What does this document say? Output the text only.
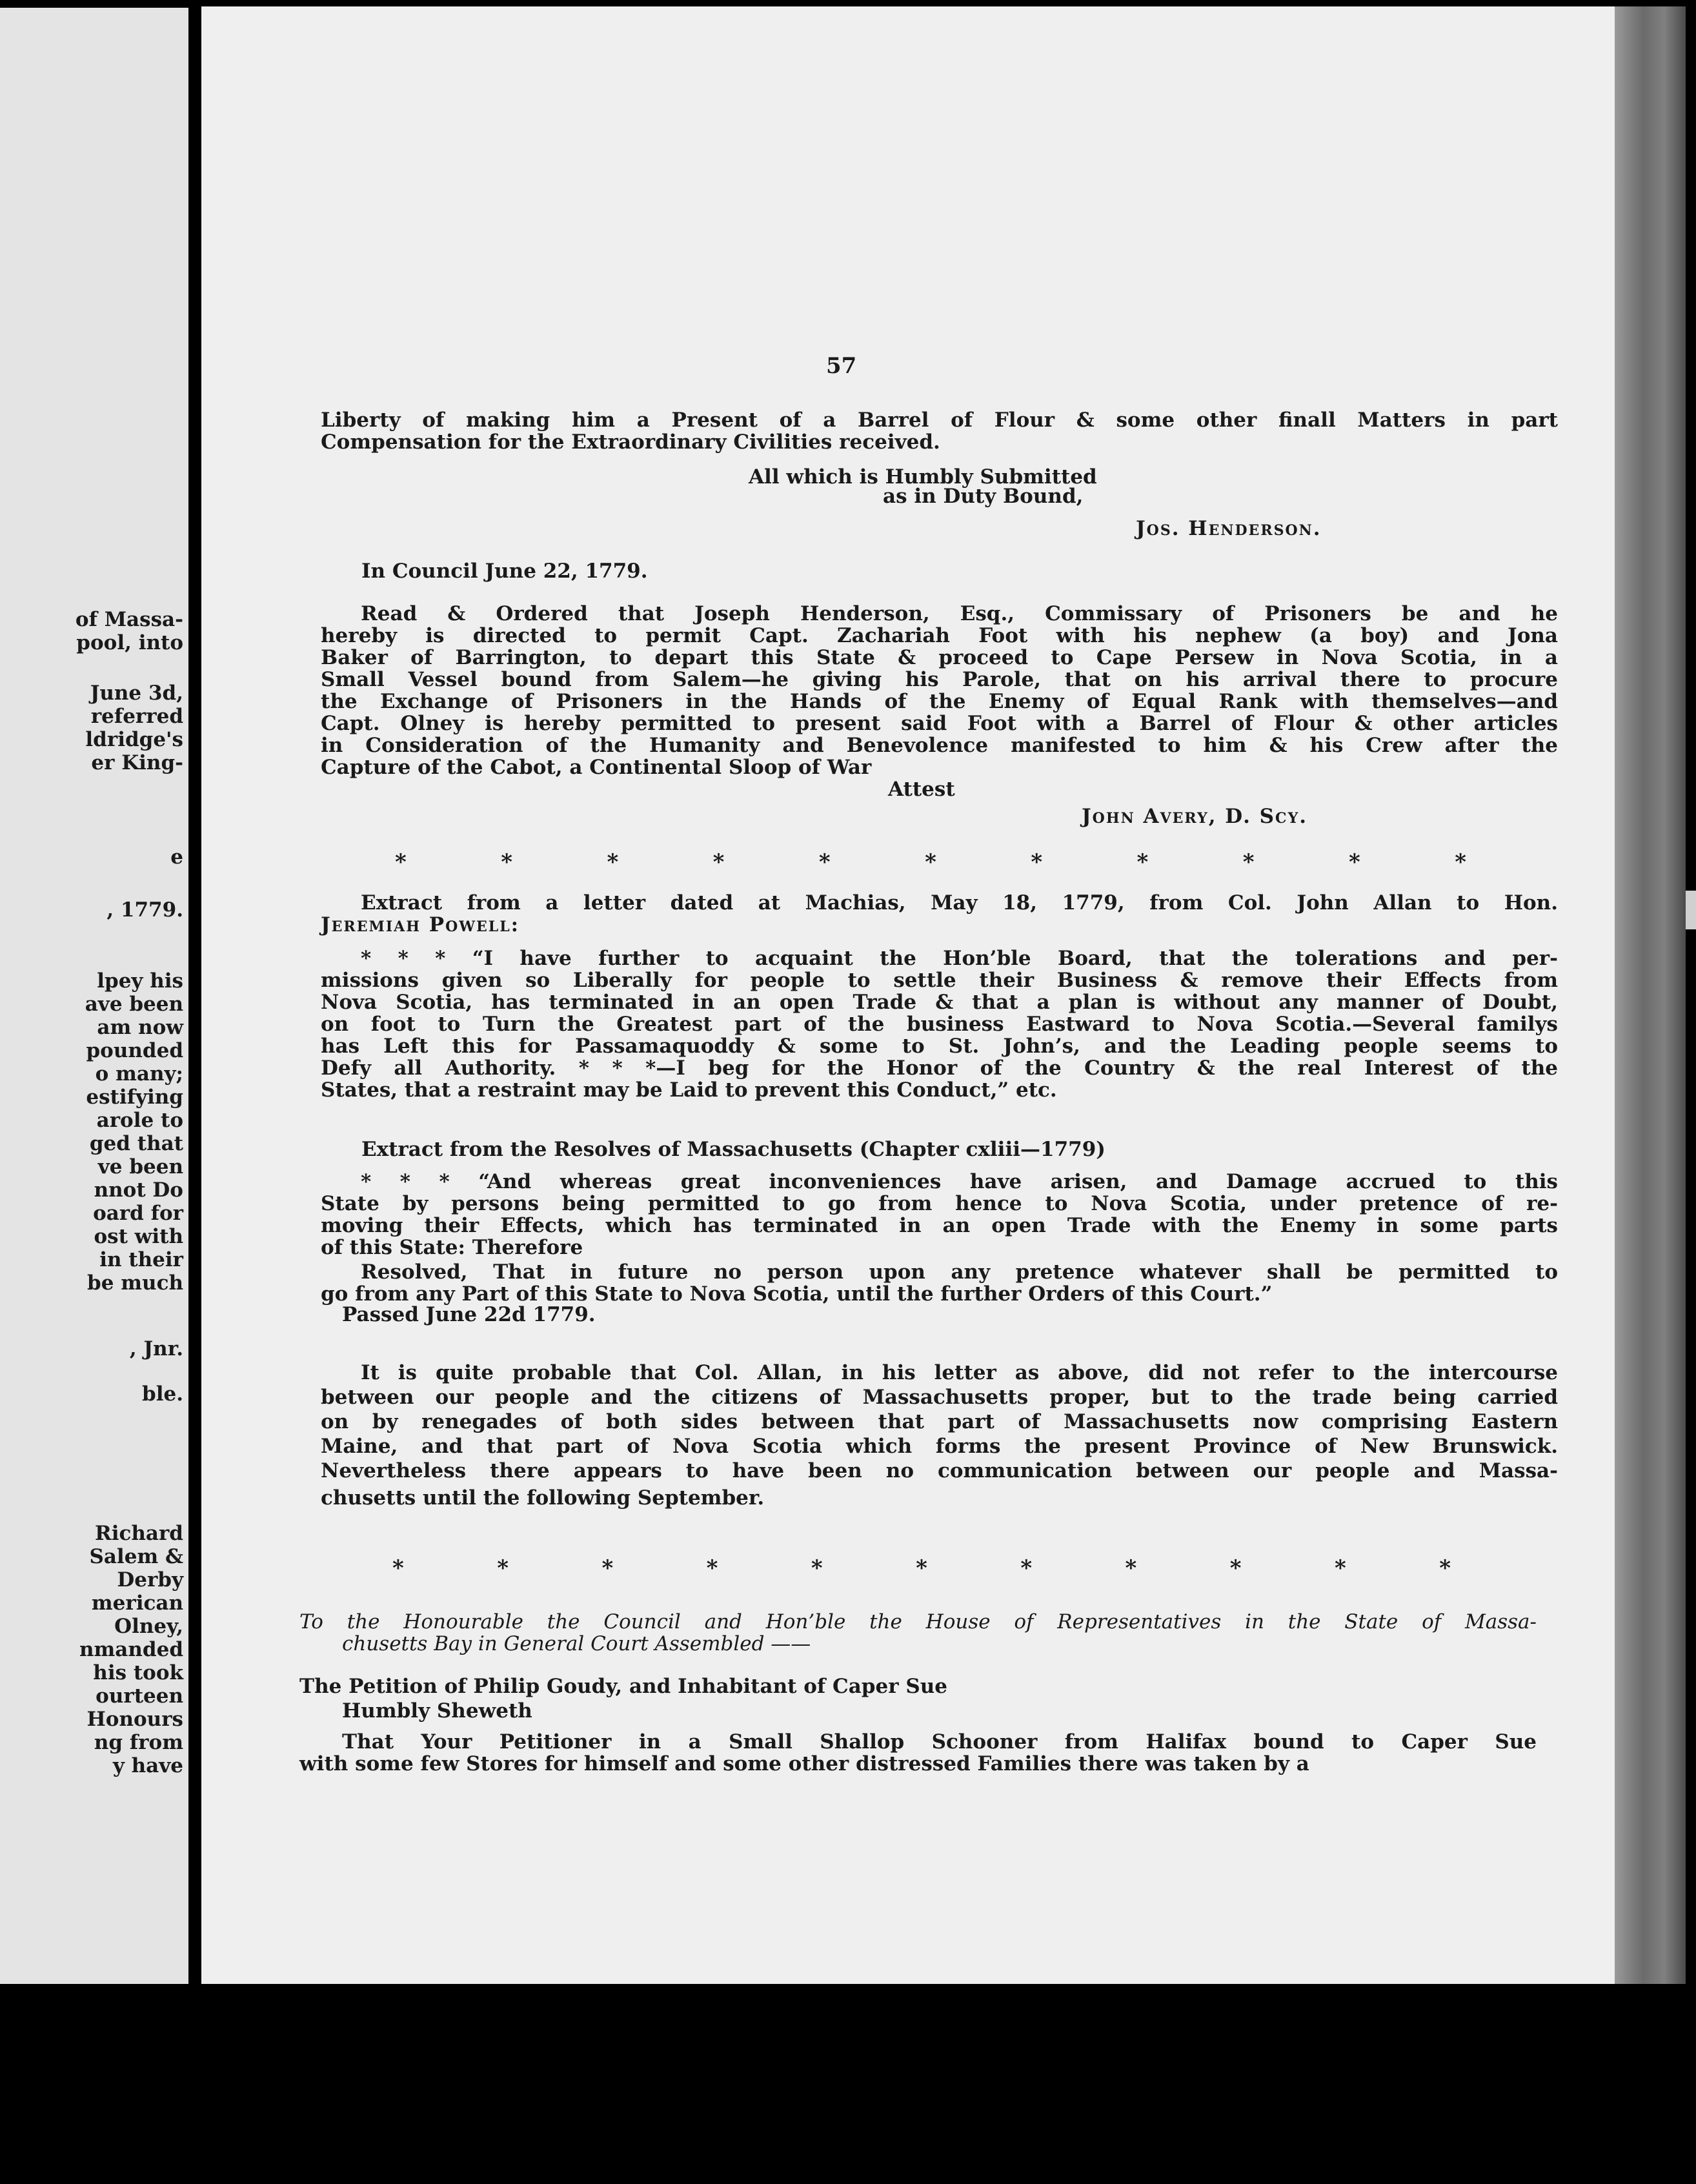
of Massa-
pool, into
June 3d,
referred
ldridge's
er King-
e
, 1779.
lpey his
ave been
am now
pounded
o many;
estifying
arole to
ged that
ve been
nnot Do
oard for
ost with
in their
be much
, Jnr.
ble.
Richard
Salem &
Derby
merican
Olney,
nmanded
his took
ourteen
Honours
ng from
y have
57
Liberty of making him a Present of a Barrel of Flour & some other finall Matters in part
Compensation for the Extraordinary Civilities received.
All which is Humbly Submitted
as in Duty Bound,
Jos. Henderson.
In Council June 22, 1779.
Read & Ordered that Joseph Henderson, Esq., Commissary of Prisoners be and he
hereby is directed to permit Capt. Zachariah Foot with his nephew (a boy) and Jona
Baker of Barrington, to depart this State & proceed to Cape Persew in Nova Scotia, in a
Small Vessel bound from Salem—he giving his Parole, that on his arrival there to procure
the Exchange of Prisoners in the Hands of the Enemy of Equal Rank with themselves—and
Capt. Olney is hereby permitted to present said Foot with a Barrel of Flour & other articles
in Consideration of the Humanity and Benevolence manifested to him & his Crew after the
Capture of the Cabot, a Continental Sloop of War
Attest
John Avery, D. Scy.
*	*	*	*	*	*	*	*	*	*	*
Extract from a letter dated at Machias, May 18, 1779, from Col. John Allan to Hon.
Jeremiah Powell:
* * * “I have further to acquaint the Hon’ble Board, that the tolerations and per-
missions given so Liberally for people to settle their Business & remove their Effects from
Nova Scotia, has terminated in an open Trade & that a plan is without any manner of Doubt,
on foot to Turn the Greatest part of the business Eastward to Nova Scotia.—Several familys
has Left this for Passamaquoddy & some to St. John’s, and the Leading people seems to
Defy all Authority. * * *—I beg for the Honor of the Country & the real Interest of the
States, that a restraint may be Laid to prevent this Conduct,” etc.
Extract from the Resolves of Massachusetts (Chapter cxliii—1779)
* * * “And whereas great inconveniences have arisen, and Damage accrued to this
State by persons being permitted to go from hence to Nova Scotia, under pretence of re-
moving their Effects, which has terminated in an open Trade with the Enemy in some parts
of this State: Therefore
Resolved, That in future no person upon any pretence whatever shall be permitted to
go from any Part of this State to Nova Scotia, until the further Orders of this Court.”
Passed June 22d 1779.
It is quite probable that Col. Allan, in his letter as above, did not refer to the intercourse
between our people and the citizens of Massachusetts proper, but to the trade being carried
on by renegades of both sides between that part of Massachusetts now comprising Eastern
Maine, and that part of Nova Scotia which forms the present Province of New Brunswick.
Nevertheless there appears to have been no communication between our people and Massa-
chusetts until the following September.
*	*	*	*	*	*	*	*	*	*	*
To the Honourable the Council and Hon’ble the House of Representatives in the State of Massa-
chusetts Bay in General Court Assembled ——
The Petition of Philip Goudy, and Inhabitant of Caper Sue
Humbly Sheweth
That Your Petitioner in a Small Shallop Schooner from Halifax bound to Caper Sue
with some few Stores for himself and some other distressed Families there was taken by a
